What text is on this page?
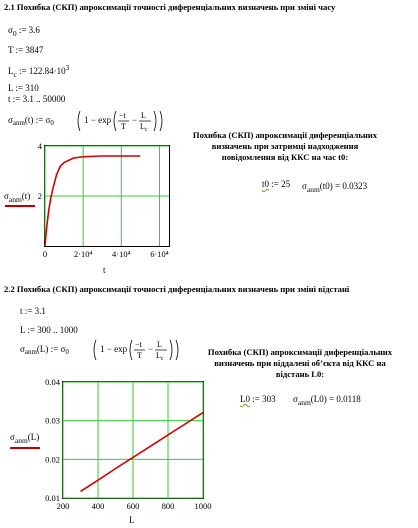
2.1 Похибка (СКП) апроксимації точності диференціальних визначень при зміні часу
$\sigma_0$ := 3.6
T := 3847
$L_c$ := $122.84\cdot 10^3$
L := 310
t := 3.1 .. 50000
$\sigma_{anm}(t)$ := $\sigma_0$	1 − exp −t
T
− L
$L_c$
0	2·10⁴ 4·10⁴ 6·10⁴
2
4
$\sigma_{anm}(t)$
t
Похибка (СКП) апроксимації диференціальних визначень при затримці надходження повідомлення від ККС на час t0:
t0 := 25 $\sigma_{anm}(t0) = 0.0323$
2.2 Похибка (СКП) апроксимації точності диференціальних визначень при зміні відстані
t := 3.1
L := 300 .. 1000
$\sigma_{anm}(L)$ := $\sigma_0$	1 − exp −t
T
− L
$L_c$
200	400	600	800 1000
0.01
0.02
0.03
0.04
$\sigma_{anm}(L)$
L
Похибка (СКП) апроксимації диференціальних визначень при віддалені об’єкта від ККС на відстань L0:
L0 := 303 $\sigma_{anm}(L0) = 0.0118$
